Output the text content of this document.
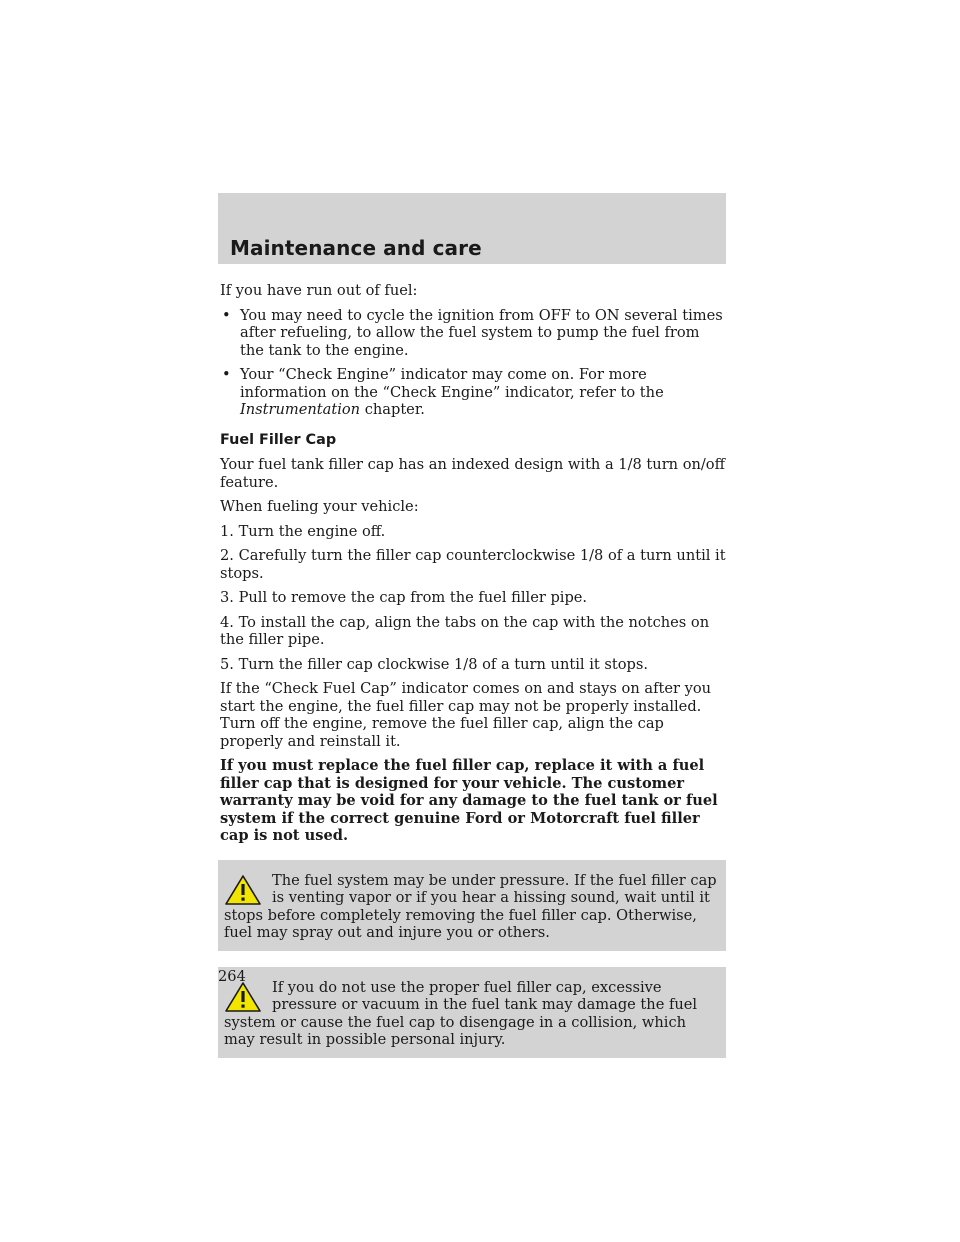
Maintenance and care

If you have run out of fuel:

• You may need to cycle the ignition from OFF to ON several times after refueling, to allow the fuel system to pump the fuel from the tank to the engine.
• Your “Check Engine” indicator may come on. For more information on the “Check Engine” indicator, refer to the Instrumentation chapter.
Fuel Filler Cap

Your fuel tank filler cap has an indexed design with a 1/8 turn on/off feature.

When fueling your vehicle:

1. Turn the engine off.

2. Carefully turn the filler cap counterclockwise 1/8 of a turn until it stops.

3. Pull to remove the cap from the fuel filler pipe.

4. To install the cap, align the tabs on the cap with the notches on the filler pipe.

5. Turn the filler cap clockwise 1/8 of a turn until it stops.

If the “Check Fuel Cap” indicator comes on and stays on after you start the engine, the fuel filler cap may not be properly installed. Turn off the engine, remove the fuel filler cap, align the cap properly and reinstall it.

If you must replace the fuel filler cap, replace it with a fuel filler cap that is designed for your vehicle. The customer warranty may be void for any damage to the fuel tank or fuel system if the correct genuine Ford or Motorcraft fuel filler cap is not used.

The fuel system may be under pressure. If the fuel filler cap is venting vapor or if you hear a hissing sound, wait until it stops before completely removing the fuel filler cap. Otherwise, fuel may spray out and injure you or others.
If you do not use the proper fuel filler cap, excessive pressure or vacuum in the fuel tank may damage the fuel system or cause the fuel cap to disengage in a collision, which may result in possible personal injury.
264
